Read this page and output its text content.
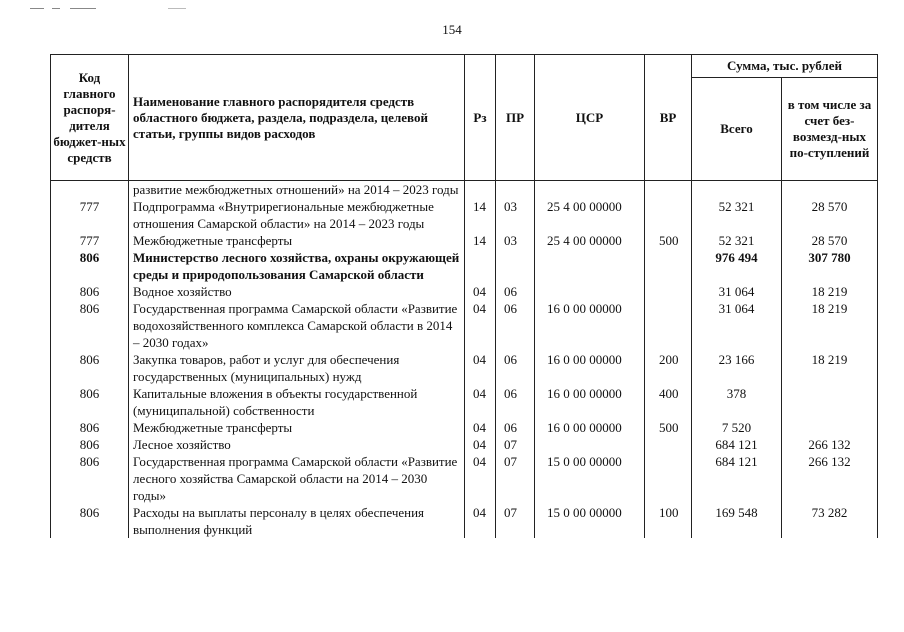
154
Код главного распоря-дителя бюджет-ных средств	Наименование главного распорядителя средств областного бюджета, раздела, подраздела, целевой статьи, группы видов расходов	Рз	ПР	ЦСР	ВР	Сумма, тыс. рублей	
						Всего	в том числе за счет без-возмезд-ных по-ступлений
	развитие межбюджетных отношений» на 2014 – 2023 годы						
777	Подпрограмма «Внутрирегиональные межбюджетные отношения Самарской области» на 2014 – 2023 годы	14	03	25 4 00 00000		52 321	28 570
777	Межбюджетные трансферты	14	03	25 4 00 00000	500	52 321	28 570
806	Министерство лесного хозяйства, охраны окружающей среды и природопользования Самарской области					976 494	307 780
806	Водное хозяйство	04	06			31 064	18 219
806	Государственная программа Самарской области «Развитие водохозяйственного комплекса Самарской области в 2014 – 2030 годах»	04	06	16 0 00 00000		31 064	18 219
806	Закупка товаров, работ и услуг для обеспечения государственных (муниципальных) нужд	04	06	16 0 00 00000	200	23 166	18 219
806	Капитальные вложения в объекты государственной (муниципальной) собственности	04	06	16 0 00 00000	400	378	
806	Межбюджетные трансферты	04	06	16 0 00 00000	500	7 520	
806	Лесное хозяйство	04	07			684 121	266 132
806	Государственная программа Самарской области «Развитие лесного хозяйства Самарской области на 2014 – 2030 годы»	04	07	15 0 00 00000		684 121	266 132
806	Расходы на выплаты персоналу в целях обеспечения выполнения функций	04	07	15 0 00 00000	100	169 548	73 282
